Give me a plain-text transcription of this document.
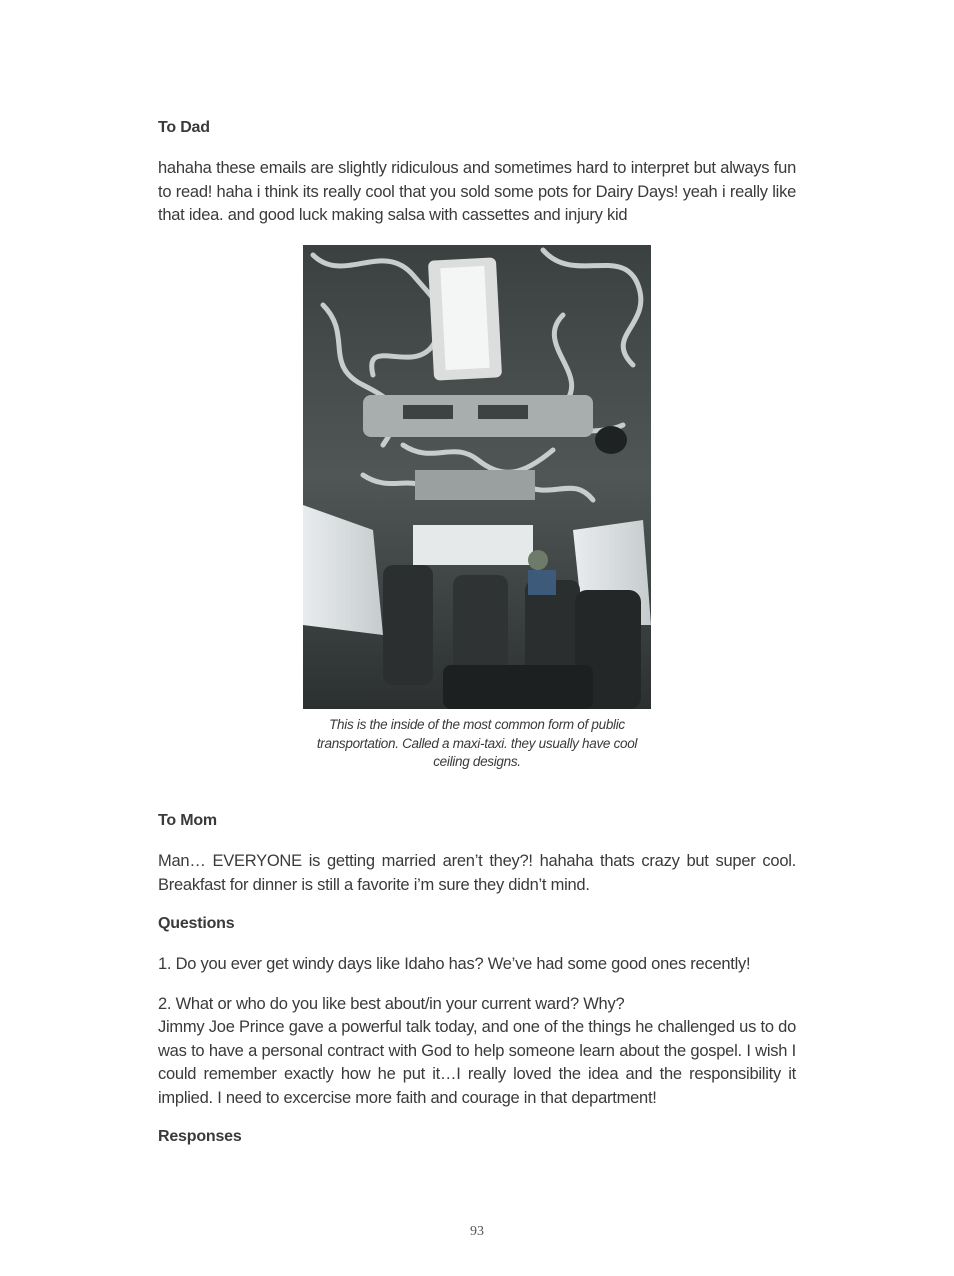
To Dad
hahaha these emails are slightly ridiculous and sometimes hard to interpret but always fun to read! haha i think its really cool that you sold some pots for Dairy Days! yeah i really like that idea. and good luck making salsa with cassettes and injury kid
This is the inside of the most common form of public transportation. Called a maxi-taxi. they usually have cool ceiling designs.
To Mom
Man… EVERYONE is getting married aren’t they?! hahaha thats crazy but super cool. Breakfast for dinner is still a favorite i’m sure they didn’t mind.
Questions
1. Do you ever get windy days like Idaho has? We’ve had some good ones recently!
2. What or who do you like best about/in your current ward? Why?
Jimmy Joe Prince gave a powerful talk today, and one of the things he challenged us to do was to have a personal contract with God to help someone learn about the gospel. I wish I could remember exactly how he put it…I really loved the idea and the responsibility it implied. I need to excercise more faith and courage in that department!
Responses
93
